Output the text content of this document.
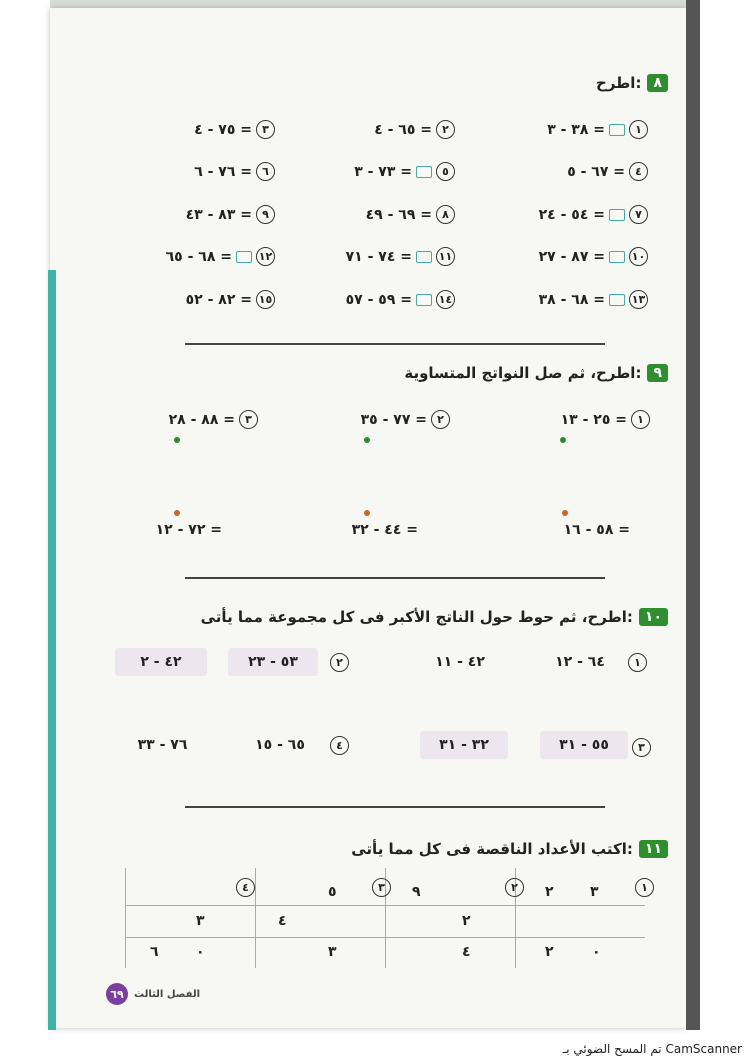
٨
اطرح:
١
٣٨ - ٣ =
٢
٦٥ - ٤ =
٣
٧٥ - ٤ =
٤
٦٧ - ٥ =
٥
٧٣ - ٣ =
٦
٧٦ - ٦ =
٧
٥٤ - ٢٤ =
٨
٦٩ - ٤٩ =
٩
٨٣ - ٤٣ =
١٠
٨٧ - ٢٧ =
١١
٧٤ - ٧١ =
١٢
٦٨ - ٦٥ =
١٣
٦٨ - ٣٨ =
١٤
٥٩ - ٥٧ =
١٥
٨٢ - ٥٢ =
٩
اطرح، ثم صل النواتج المتساوية:
١
٢٥ - ١٣ =
٢
٧٧ - ٣٥ =
٣
٨٨ - ٢٨ =
٥٨ - ١٦ =
٤٤ - ٣٢ =
٧٢ - ١٢ =
١٠
اطرح، ثم حوط حول الناتج الأكبر فى كل مجموعة مما يأتى:
١
٦٤ - ١٢
٤٢ - ١١
٢
٥٣ - ٢٣
٤٢ - ٢
٣
٥٥ - ٣١
٣٢ - ٣١
٤
٦٥ - ١٥
٧٦ - ٣٣
١١
اكتب الأعداد الناقصة فى كل مما يأتى:
١
٢
٣
٤	٣
٢
٩
٥
٢
٤
٣
٠
٢
٤
٣
٠
٦
٦٩	الفصل الثالث
تم المسح الضوئي بـ CamScanner
